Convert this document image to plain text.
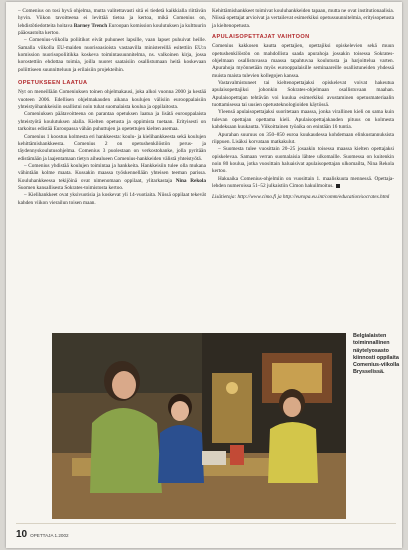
– Comenius on tosi hyvä ohjelma, mutta valitettavasti sitä ei tiedetä kaikkialla riittävän hyvin. Viikon tavoitteena ei levittää tietoa ja kertoa, mikä Comenius on, lehdistötiedotteita hoitava Barney Trench Euroopan komission koulutuksen ja kulttuurin pääosastolta kertoo.

– Comenius-viikolla poliitikot eivät puhuneet lapsille, vaan lapset puhuivat heille. Samalla viikolla EU-maiden nuorisoasioista vastaavilla ministereillä esitettiin EU:n komission nuorisopoliitikka koskeva toimintasuunnitelma, ns. valkoinen kirja, jossa korostettiin ehdottaa toimia, joilla nuoret saataisiin osallistumaan heitä koskevaan poliittiseen suunnitteluun ja erilaisiin projekteihin.

OPETUKSEEN LAATUA

Nyt on meneillään Comeniuksen toinen ohjelmakausi, joka alkoi vuonna 2000 ja kestää vuoteen 2006. Edellisen ohjelmakauden aikana koulujen välisiin eurooppalaisiin yhteistyöhankkeisiin osallistui noin tuhat suomalaista koulua ja oppilaitosta.

Comeniuksen päätavoitteena on parantaa opetuksen laatua ja lisätä eurooppalaista yhteistyötä koulutuksen alalla. Kielten opetusta ja oppimista tuetaan. Erityisesti on tarkoitus edistää Euroopassa vähän puhuttujen ja opetettujen kielten asemaa.

Comenius 1 koostuu kolmesta eri hankkeesta: koulu- ja kielihankkeesta sekä koulujen kehittämishankkeesta. Comenius 2 on opetushenkilöstön perus- ja täydennyskoulutusohjelma. Comenius 3 puolestaan on verkostohanke, jolla pyritään edistämään ja laajentamaan tietyn aihealueen Comenius-hankkeiden välistä yhteistyötä.

– Comenius yhdistää koulujen toimintaa ja hankkeita. Hankkeisiin tulee olla mukana vähintään kolme maata. Kussakin maassa työskennellään yhteisen teeman parissa. Kouluhankkeessa tekijöinä ovat nimenomaan oppilaat, ylitarkastaja Nina Rekola Suomen kansallisesta Sokrates-toimistosta kertoo.

– Kielihankkeet ovat yksivuotisia ja koskevat yli 14-vuotiaita. Niissä oppilaat tekevät kahden viikon vierailun toisen maan.

Kehittämishankkeet toimivat kouluhankkeiden tapaan, mutta ne ovat institutionaalisia. Niissä opettajat arvioivat ja vertailevat esimerkiksi opetussuunnitelmia, erityisopetusta ja kieltenopetusta.

APULAISOPETTAJAT VAIHTOON

Comenius kakkosen kautta opettajien, opettajiksi opiskelevien sekä muun opetushenkilöstön on mahdollista saada apurahoja jossakin toisessa Sokrates-ohjelmaan osallistuvassa maassa tapahtuvaa koulutusta ja harjoittelua varten. Apurahoja myönnetään myös eurooppalaisille seminaareille osallistuneiden yhdessä muista maista tulevien kollegojen kanssa.

Vastavalmistuneet tai kieltenopettajaksi opiskelevat voivat hakeutua apulaisopettajiksi johonkin Sokrates-ohjelmaan osallistuvaan maahan. Apulaisopettajan tehtävän voi kuulua esimerkiksi avustaminen opetusmateriaalin tuottamisessa tai uusien opetusteknologioiden käytössä.

Yleensä apulaisopettajaksi suoritetaan maassa, jonka virallinen kieli on sama kuin tulevan opettajan opettama kieli. Apulaisopettajakauden pituus on kolmesta kahdeksaan kuukautta. Viikoittainen työaika on enintään 16 tuntia.

Apurahan suuruus on 350–850 euroa kuukaudessa kohdemaan elinkustannuksista riippuen. Lisäksi korvataan matkakulut.

– Suomesta tulee vuosittain 20–25 josaakin toisessa maassa kielten opettajaksi opiskelevaa. Samaan verran suomalaisia lähtee ulkomaille. Suomessa on kuitenkin noin 80 koulua, jotka vuosittain haluaisivat apulaisopettajan ulkomailta, Nina Rekola kertoo.

Hakuaika Comenius-ohjelmiin on vuosittain 1. maaliskuuta mennessä. Opettaja-lehden numeroissa 51–52 julkaistiin Cimon hakuilmoitus.

Lisätietoja: http://www.cimo.fi ja http://europa.eu.int/comm/education/socrates.html

Belgialaisten toiminnallinen näytelyosasto kiinnosti oppilaita Comenius-viikolla Brysselissä.
10 OPETTAJA 1.2002
